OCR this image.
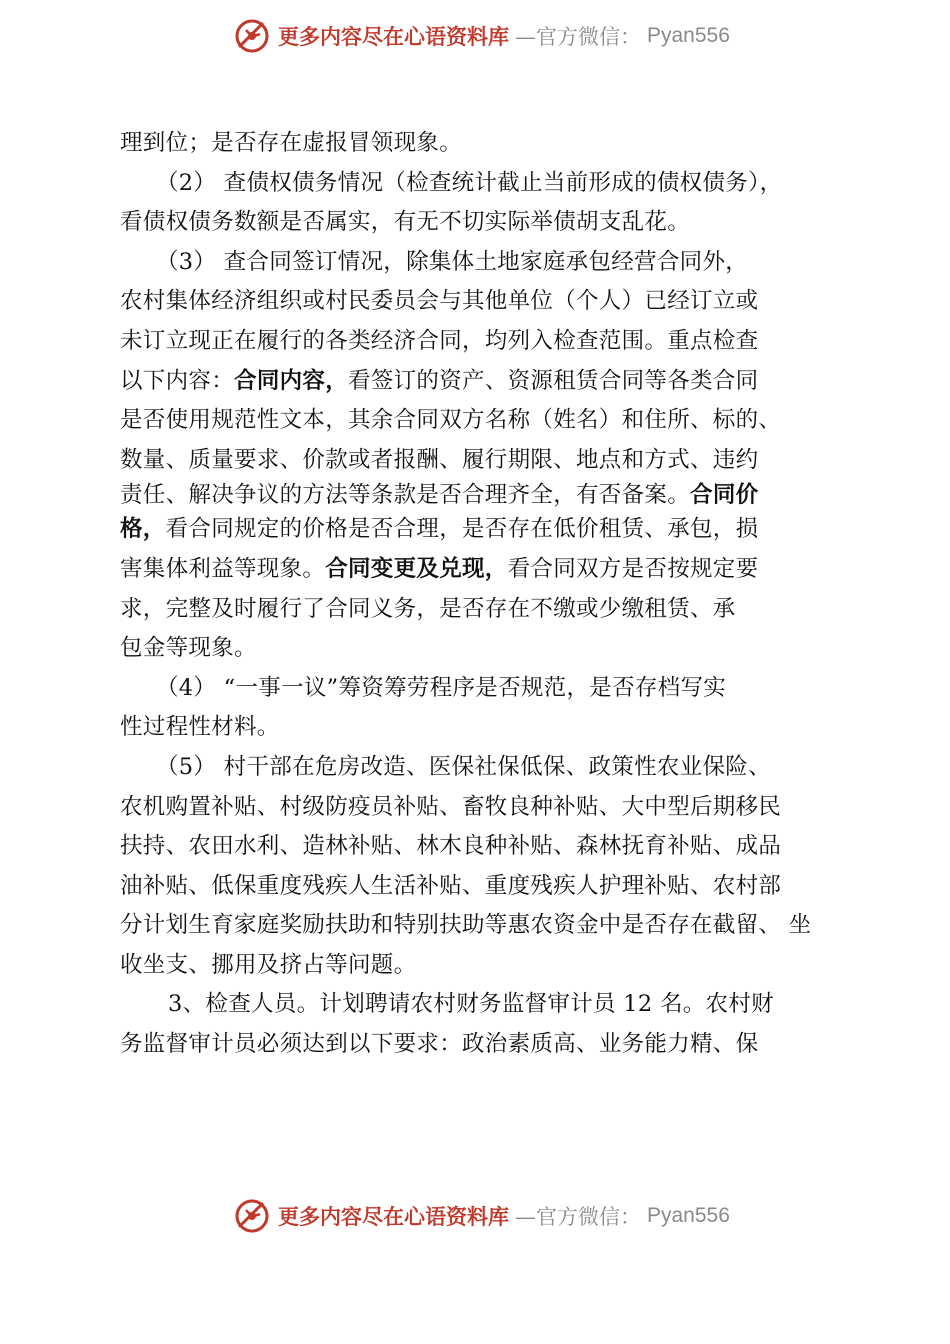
更多内容尽在心语资料库 —官方微信： Pyan556
理到位；是否存在虚报冒领现象。
（2） 查债权债务情况（检查统计截止当前形成的债权债务），
看债权债务数额是否属实，有无不切实际举债胡支乱花。
（3） 查合同签订情况，除集体土地家庭承包经营合同外，
农村集体经济组织或村民委员会与其他单位（个人）已经订立或
未订立现正在履行的各类经济合同，均列入检查范围。重点检查
以下内容：合同内容，看签订的资产、资源租赁合同等各类合同
是否使用规范性文本，其余合同双方名称（姓名）和住所、标的、
数量、质量要求、价款或者报酬、履行期限、地点和方式、违约
责任、解决争议的方法等条款是否合理齐全，有否备案。合同价
格，看合同规定的价格是否合理，是否存在低价租赁、承包，损
害集体利益等现象。合同变更及兑现，看合同双方是否按规定要
求，完整及时履行了合同义务，是否存在不缴或少缴租赁、承
包金等现象。
（4） “一事一议”筹资筹劳程序是否规范，是否存档写实
性过程性材料。
（5） 村干部在危房改造、医保社保低保、政策性农业保险、
农机购置补贴、村级防疫员补贴、畜牧良种补贴、大中型后期移民
扶持、农田水利、造林补贴、林木良种补贴、森林抚育补贴、成品
油补贴、低保重度残疾人生活补贴、重度残疾人护理补贴、农村部
分计划生育家庭奖励扶助和特别扶助等惠农资金中是否存在截留、 坐
收坐支、挪用及挤占等问题。
3、检查人员。计划聘请农村财务监督审计员 12 名。农村财
务监督审计员必须达到以下要求：政治素质高、业务能力精、保
更多内容尽在心语资料库 —官方微信： Pyan556
